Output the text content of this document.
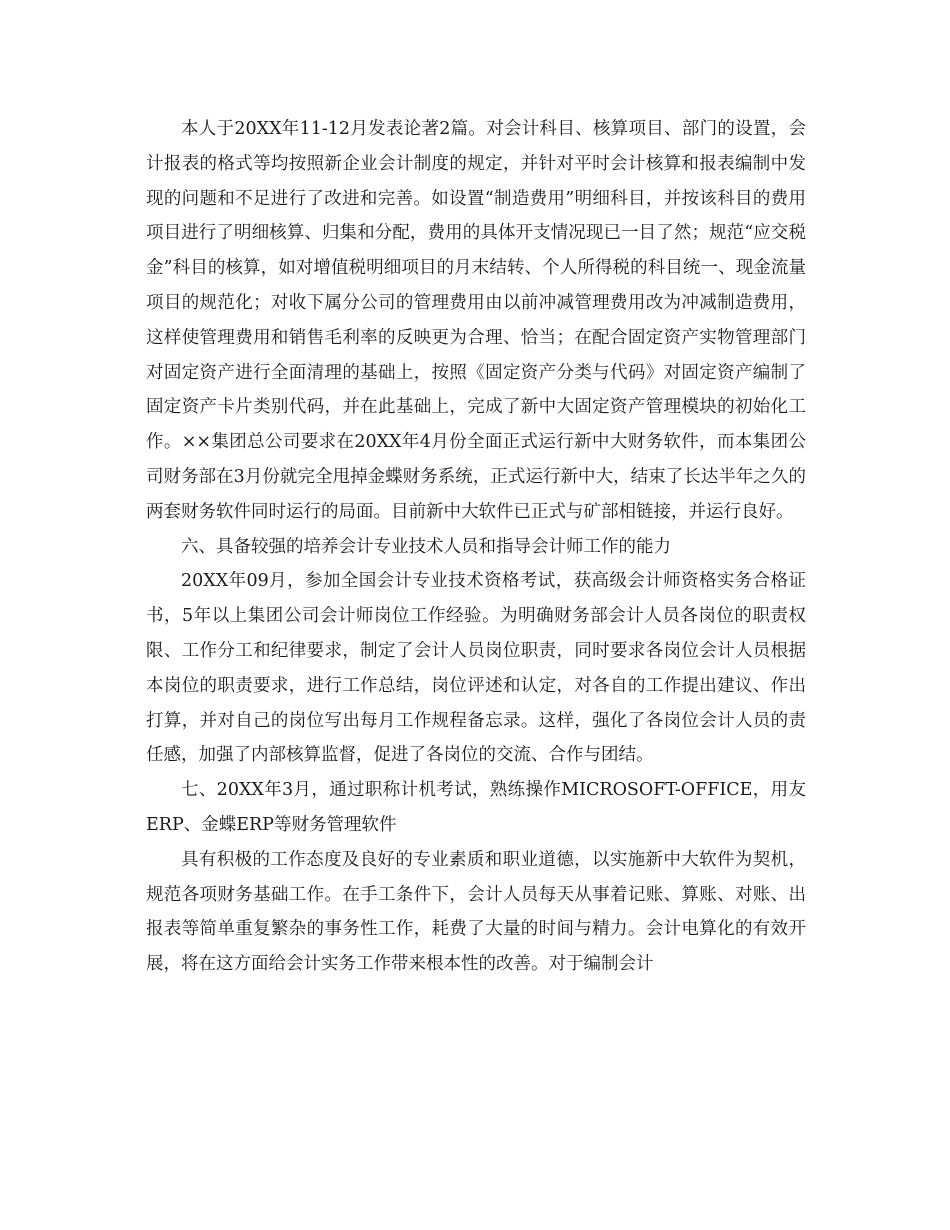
本人于20XX年11-12月发表论著2篇。对会计科目、核算项目、部门的设置，会计报表的格式等均按照新企业会计制度的规定，并针对平时会计核算和报表编制中发现的问题和不足进行了改进和完善。如设置“制造费用”明细科目，并按该科目的费用项目进行了明细核算、归集和分配，费用的具体开支情况现已一目了然；规范“应交税金”科目的核算，如对增值税明细项目的月末结转、个人所得税的科目统一、现金流量项目的规范化；对收下属分公司的管理费用由以前冲减管理费用改为冲减制造费用，这样使管理费用和销售毛利率的反映更为合理、恰当；在配合固定资产实物管理部门对固定资产进行全面清理的基础上，按照《固定资产分类与代码》对固定资产编制了固定资产卡片类别代码，并在此基础上，完成了新中大固定资产管理模块的初始化工作。××集团总公司要求在20XX年4月份全面正式运行新中大财务软件，而本集团公司财务部在3月份就完全甩掉金蝶财务系统，正式运行新中大，结束了长达半年之久的两套财务软件同时运行的局面。目前新中大软件已正式与矿部相链接，并运行良好。

六、具备较强的培养会计专业技术人员和指导会计师工作的能力

20XX年09月，参加全国会计专业技术资格考试，获高级会计师资格实务合格证书，5年以上集团公司会计师岗位工作经验。为明确财务部会计人员各岗位的职责权限、工作分工和纪律要求，制定了会计人员岗位职责，同时要求各岗位会计人员根据本岗位的职责要求，进行工作总结，岗位评述和认定，对各自的工作提出建议、作出打算，并对自己的岗位写出每月工作规程备忘录。这样，强化了各岗位会计人员的责任感，加强了内部核算监督，促进了各岗位的交流、合作与团结。

七、20XX年3月，通过职称计机考试，熟练操作MICROSOFT-OFFICE，用友ERP、金蝶ERP等财务管理软件

具有积极的工作态度及良好的专业素质和职业道德，以实施新中大软件为契机，规范各项财务基础工作。在手工条件下，会计人员每天从事着记账、算账、对账、出报表等简单重复繁杂的事务性工作，耗费了大量的时间与精力。会计电算化的有效开展，将在这方面给会计实务工作带来根本性的改善。对于编制会计
